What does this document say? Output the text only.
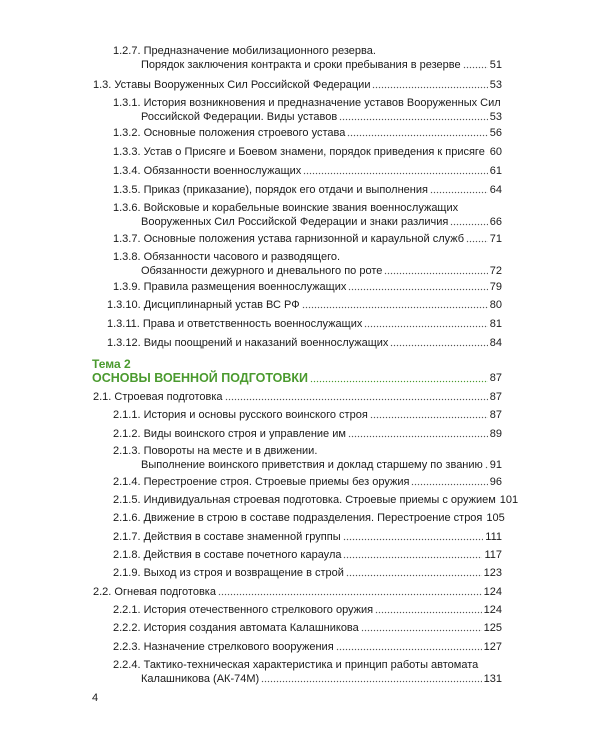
1.2.7. Предназначение мобилизационного резерва.
Порядок заключения контракта и сроки пребывания в резерве	51
1.3. Уставы Вооруженных Сил Российской Федерации	53
1.3.1. История возникновения и предназначение уставов Вооруженных Сил
Российской Федерации. Виды уставов	53
1.3.2. Основные положения строевого устава	56
1.3.3. Устав о Присяге и Боевом знамени, порядок приведения к присяге 60
1.3.4. Обязанности военнослужащих	61
1.3.5. Приказ (приказание), порядок его отдачи и выполнения	64
1.3.6. Войсковые и корабельные воинские звания военнослужащих
Вооруженных Сил Российской Федерации и знаки различия	66
1.3.7. Основные положения устава гарнизонной и караульной служб 71
1.3.8. Обязанности часового и разводящего.
Обязанности дежурного и дневального по роте	72
1.3.9. Правила размещения военнослужащих	79
1.3.10. Дисциплинарный устав ВС РФ	80
1.3.11. Права и ответственность военнослужащих	81
1.3.12. Виды поощрений и наказаний военнослужащих	84
Тема 2
ОСНОВЫ ВОЕННОЙ ПОДГОТОВКИ	87
2.1. Строевая подготовка	87
2.1.1. История и основы русского воинского строя	87
2.1.2. Виды воинского строя и управление им	89
2.1.3. Повороты на месте и в движении.
Выполнение воинского приветствия и доклад старшему по званию 91
2.1.4. Перестроение строя. Строевые приемы без оружия	96
2.1.5. Индивидуальная строевая подготовка. Строевые приемы с оружием 101
2.1.6. Движение в строю в составе подразделения. Перестроение строя 105
2.1.7. Действия в составе знаменной группы	111
2.1.8. Действия в составе почетного караула	117
2.1.9. Выход из строя и возвращение в строй	123
2.2. Огневая подготовка	124
2.2.1. История отечественного стрелкового оружия	124
2.2.2. История создания автомата Калашникова	125
2.2.3. Назначение стрелкового вооружения	127
2.2.4. Тактико-техническая характеристика и принцип работы автомата
Калашникова (АК-74М)	131
4
